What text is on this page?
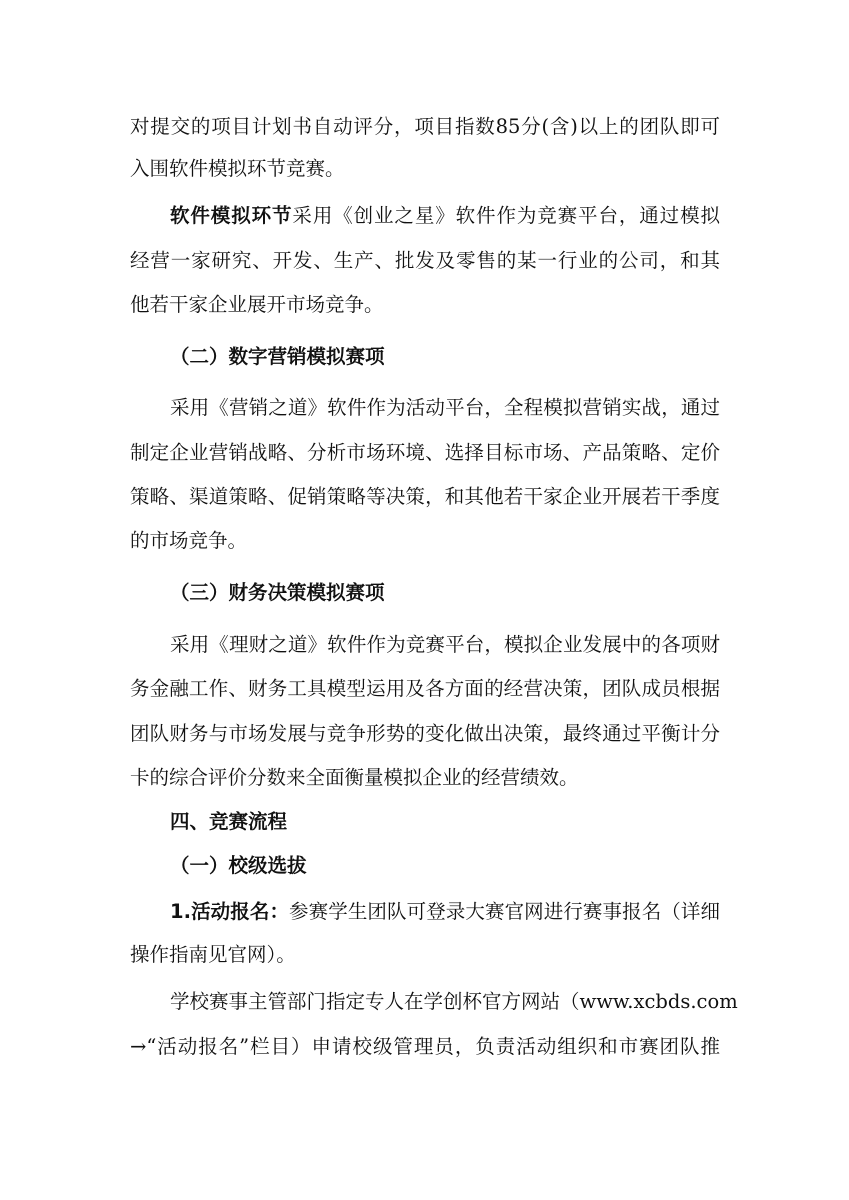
对提交的项目计划书自动评分，项目指数85分(含)以上的团队即可
入围软件模拟环节竞赛。
软件模拟环节采用《创业之星》软件作为竞赛平台，通过模拟
经营一家研究、开发、生产、批发及零售的某一行业的公司，和其
他若干家企业展开市场竞争。
（二）数字营销模拟赛项
采用《营销之道》软件作为活动平台，全程模拟营销实战，通过
制定企业营销战略、分析市场环境、选择目标市场、产品策略、定价
策略、渠道策略、促销策略等决策，和其他若干家企业开展若干季度
的市场竞争。
（三）财务决策模拟赛项
采用《理财之道》软件作为竞赛平台，模拟企业发展中的各项财
务金融工作、财务工具模型运用及各方面的经营决策，团队成员根据
团队财务与市场发展与竞争形势的变化做出决策，最终通过平衡计分
卡的综合评价分数来全面衡量模拟企业的经营绩效。
四、竞赛流程
（一）校级选拔
1.活动报名：参赛学生团队可登录大赛官网进行赛事报名（详细
操作指南见官网）。
学校赛事主管部门指定专人在学创杯官方网站（www.xcbds.com
→“活动报名”栏目）申请校级管理员，负责活动组织和市赛团队推
